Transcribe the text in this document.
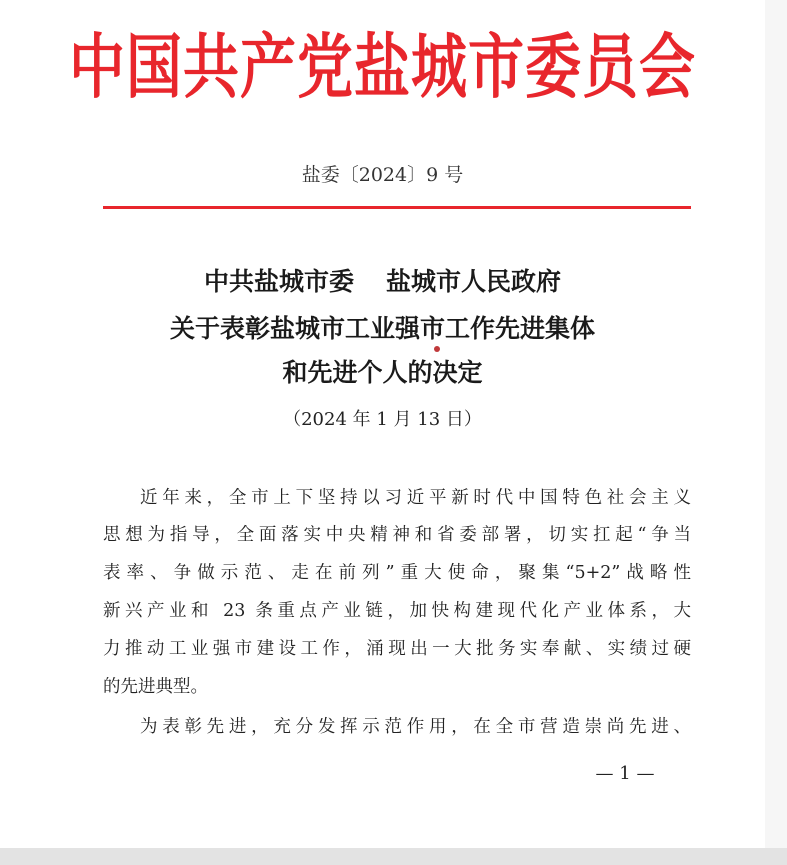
中国共产党盐城市委员会
盐委〔2024〕9 号
中共盐城市委 盐城市人民政府
关于表彰盐城市工业强市工作先进集体
和先进个人的决定
（2024 年 1 月 13 日）
近年来，全市上下坚持以习近平新时代中国特色社会主义
思想为指导，全面落实中央精神和省委部署，切实扛起“争当
表率、争做示范、走在前列”重大使命，聚集“5+2”战略性
新兴产业和 23 条重点产业链，加快构建现代化产业体系，大
力推动工业强市建设工作，涌现出一大批务实奉献、实绩过硬
的先进典型。
为表彰先进，充分发挥示范作用，在全市营造崇尚先进、
— 1 —
